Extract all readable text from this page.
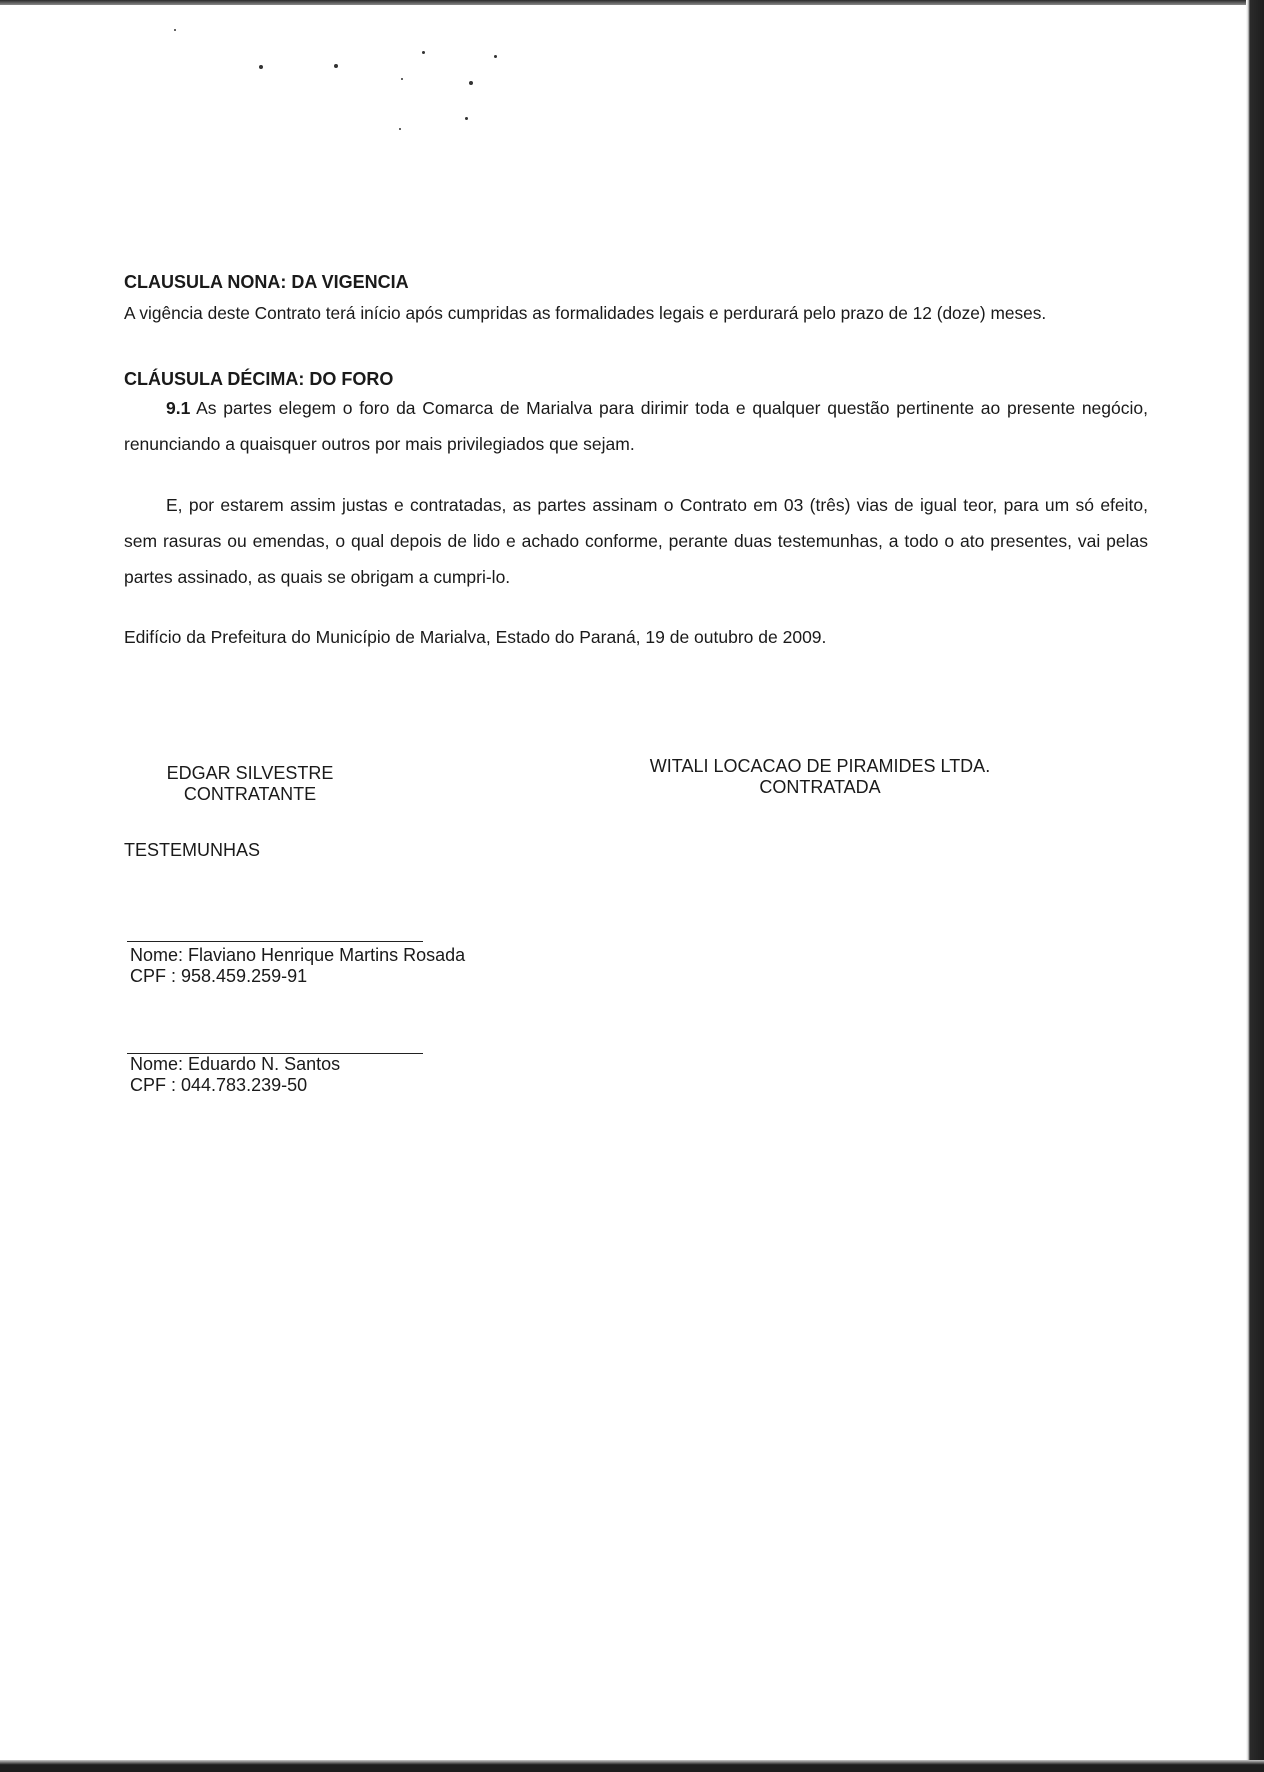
CLAUSULA NONA: DA VIGENCIA
A vigência deste Contrato terá início após cumpridas as formalidades legais e perdurará pelo prazo de 12 (doze) meses.
CLÁUSULA DÉCIMA: DO FORO
9.1 As partes elegem o foro da Comarca de Marialva para dirimir toda e qualquer questão pertinente ao presente negócio, renunciando a quaisquer outros por mais privilegiados que sejam.
E, por estarem assim justas e contratadas, as partes assinam o Contrato em 03 (três) vias de igual teor, para um só efeito, sem rasuras ou emendas, o qual depois de lido e achado conforme, perante duas testemunhas, a todo o ato presentes, vai pelas partes assinado, as quais se obrigam a cumpri-lo.
Edifício da Prefeitura do Município de Marialva, Estado do Paraná, 19 de outubro de 2009.
EDGAR SILVESTRE
CONTRATANTE
WITALI LOCACAO DE PIRAMIDES LTDA.
CONTRATADA
TESTEMUNHAS
Nome: Flaviano Henrique Martins Rosada
CPF : 958.459.259-91
Nome: Eduardo N. Santos
CPF : 044.783.239-50
